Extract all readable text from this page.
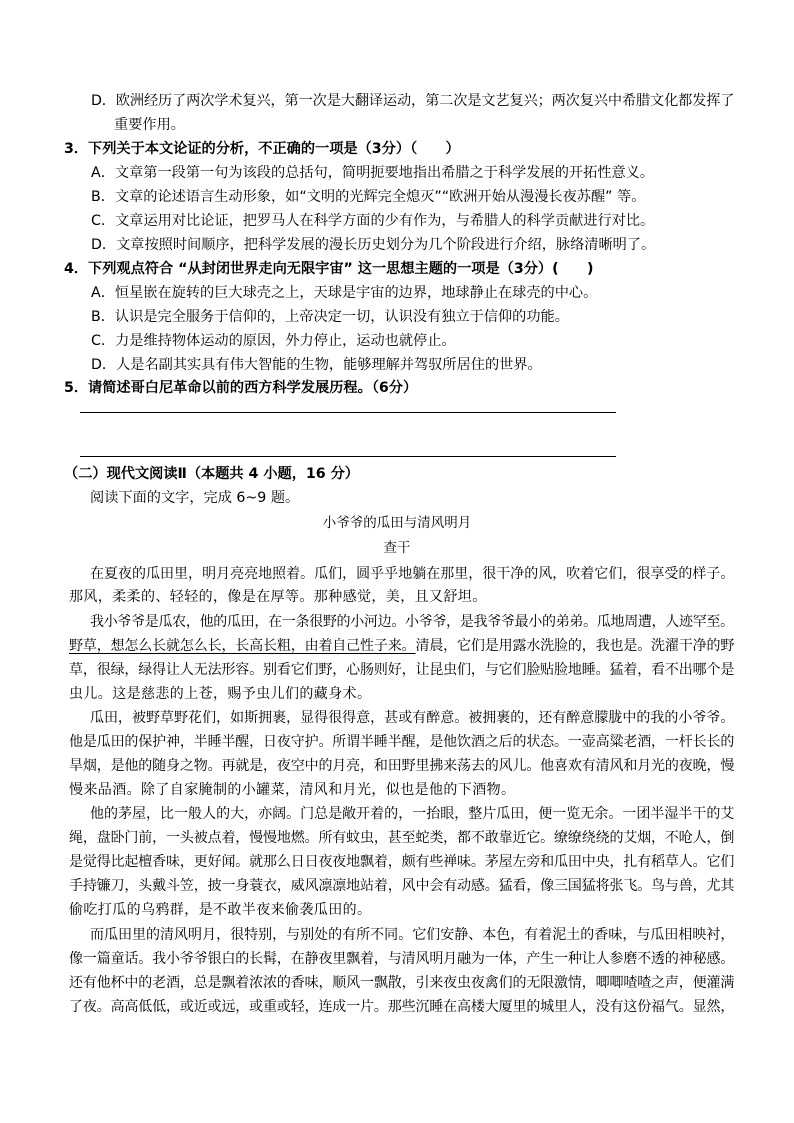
D．欧洲经历了两次学术复兴，第一次是大翻译运动，第二次是文艺复兴；两次复兴中希腊文化都发挥了
重要作用。
3．下列关于本文论证的分析，不正确的一项是（3分）（　　）
A．文章第一段第一句为该段的总括句，简明扼要地指出希腊之于科学发展的开拓性意义。
B．文章的论述语言生动形象，如“文明的光辉完全熄灭”“欧洲开始从漫漫长夜苏醒” 等。
C．文章运用对比论证，把罗马人在科学方面的少有作为，与希腊人的科学贡献进行对比。
D．文章按照时间顺序，把科学发展的漫长历史划分为几个阶段进行介绍，脉络清晰明了。
4．下列观点符合 “从封闭世界走向无限宇宙” 这一思想主题的一项是（3分）(　　)
A．恒星嵌在旋转的巨大球壳之上，天球是宇宙的边界，地球静止在球壳的中心。
B．认识是完全服务于信仰的，上帝决定一切，认识没有独立于信仰的功能。
C．力是维持物体运动的原因，外力停止，运动也就停止。
D．人是名副其实具有伟大智能的生物，能够理解并驾驭所居住的世界。
5．请简述哥白尼革命以前的西方科学发展历程。（6分）
（二）现代文阅读Ⅱ（本题共 4 小题，16 分）
阅读下面的文字，完成 6~9 题。
小爷爷的瓜田与清风明月
查干
在夏夜的瓜田里，明月亮亮地照着。瓜们，圆乎乎地躺在那里，很干净的风，吹着它们，很享受的样子。
那风，柔柔的、轻轻的，像是在厚等。那种感觉，美，且又舒坦。
我小爷爷是瓜农，他的瓜田，在一条很野的小河边。小爷爷，是我爷爷最小的弟弟。瓜地周遭，人迹罕至。
野草，想怎么长就怎么长，长高长粗，由着自己性子来。清晨，它们是用露水洗脸的，我也是。洗濯干净的野
草，很绿，绿得让人无法形容。别看它们野，心肠则好，让昆虫们，与它们脸贴脸地睡。猛着，看不出哪个是
虫儿。这是慈悲的上苍，赐予虫儿们的藏身术。
瓜田，被野草野花们，如斯拥裹，显得很得意，甚或有醉意。被拥裹的，还有醉意朦胧中的我的小爷爷。
他是瓜田的保护神，半睡半醒，日夜守护。所谓半睡半醒，是他饮酒之后的状态。一壶高粱老酒，一杆长长的
旱烟，是他的随身之物。再就是，夜空中的月亮，和田野里拂来荡去的风儿。他喜欢有清风和月光的夜晚，慢
慢来品酒。除了自家腌制的小罐菜，清风和月光，似也是他的下酒物。
他的茅屋，比一般人的大，亦阔。门总是敞开着的，一抬眼，整片瓜田，便一览无余。一团半湿半干的艾
绳，盘卧门前，一头被点着，慢慢地燃。所有蚊虫，甚至蛇类，都不敢靠近它。缭缭绕绕的艾烟，不呛人，倒
是觉得比起檀香味，更好闻。就那么日日夜夜地飘着，颇有些禅味。茅屋左旁和瓜田中央，扎有稻草人。它们
手持镰刀，头戴斗笠，披一身蓑衣，威风凛凛地站着，风中会有动感。猛看，像三国猛将张飞。鸟与兽，尤其
偷吃打瓜的乌鸦群，是不敢半夜来偷袭瓜田的。
而瓜田里的清风明月，很特别，与别处的有所不同。它们安静、本色，有着泥土的香味，与瓜田相映衬，
像一篇童话。我小爷爷银白的长髯，在静夜里飘着，与清风明月融为一体，产生一种让人参磨不透的神秘感。
还有他杯中的老酒，总是飘着浓浓的香味，顺风一飘散，引来夜虫夜禽们的无限激情，唧唧喳喳之声，便灌满
了夜。高高低低，或近或远，或重或轻，连成一片。那些沉睡在高楼大厦里的城里人，没有这份福气。显然，
